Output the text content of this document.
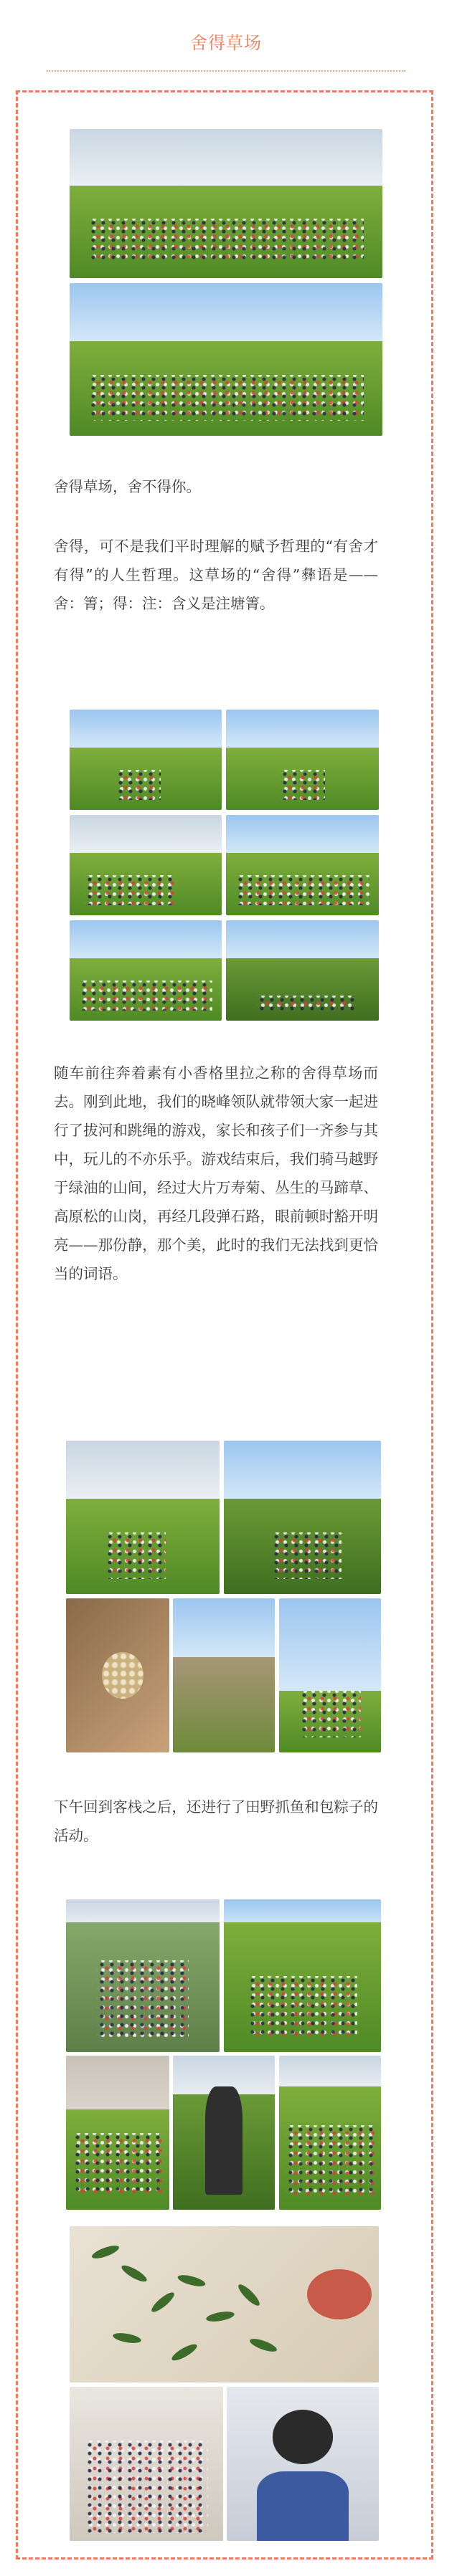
舍得草场
舍得草场，舍不得你。
舍得，可不是我们平时理解的赋予哲理的“有舍才有得”的人生哲理。这草场的“舍得”彝语是——舍：箐；得：注：含义是注塘箐。
随车前往奔着素有小香格里拉之称的舍得草场而去。刚到此地，我们的晓峰领队就带领大家一起进行了拔河和跳绳的游戏，家长和孩子们一齐参与其中，玩儿的不亦乐乎。游戏结束后，我们骑马越野于绿油的山间，经过大片万寿菊、丛生的马蹄草、高原松的山岗，再经几段弹石路，眼前顿时豁开明亮——那份静，那个美，此时的我们无法找到更恰当的词语。
下午回到客栈之后，还进行了田野抓鱼和包粽子的活动。
